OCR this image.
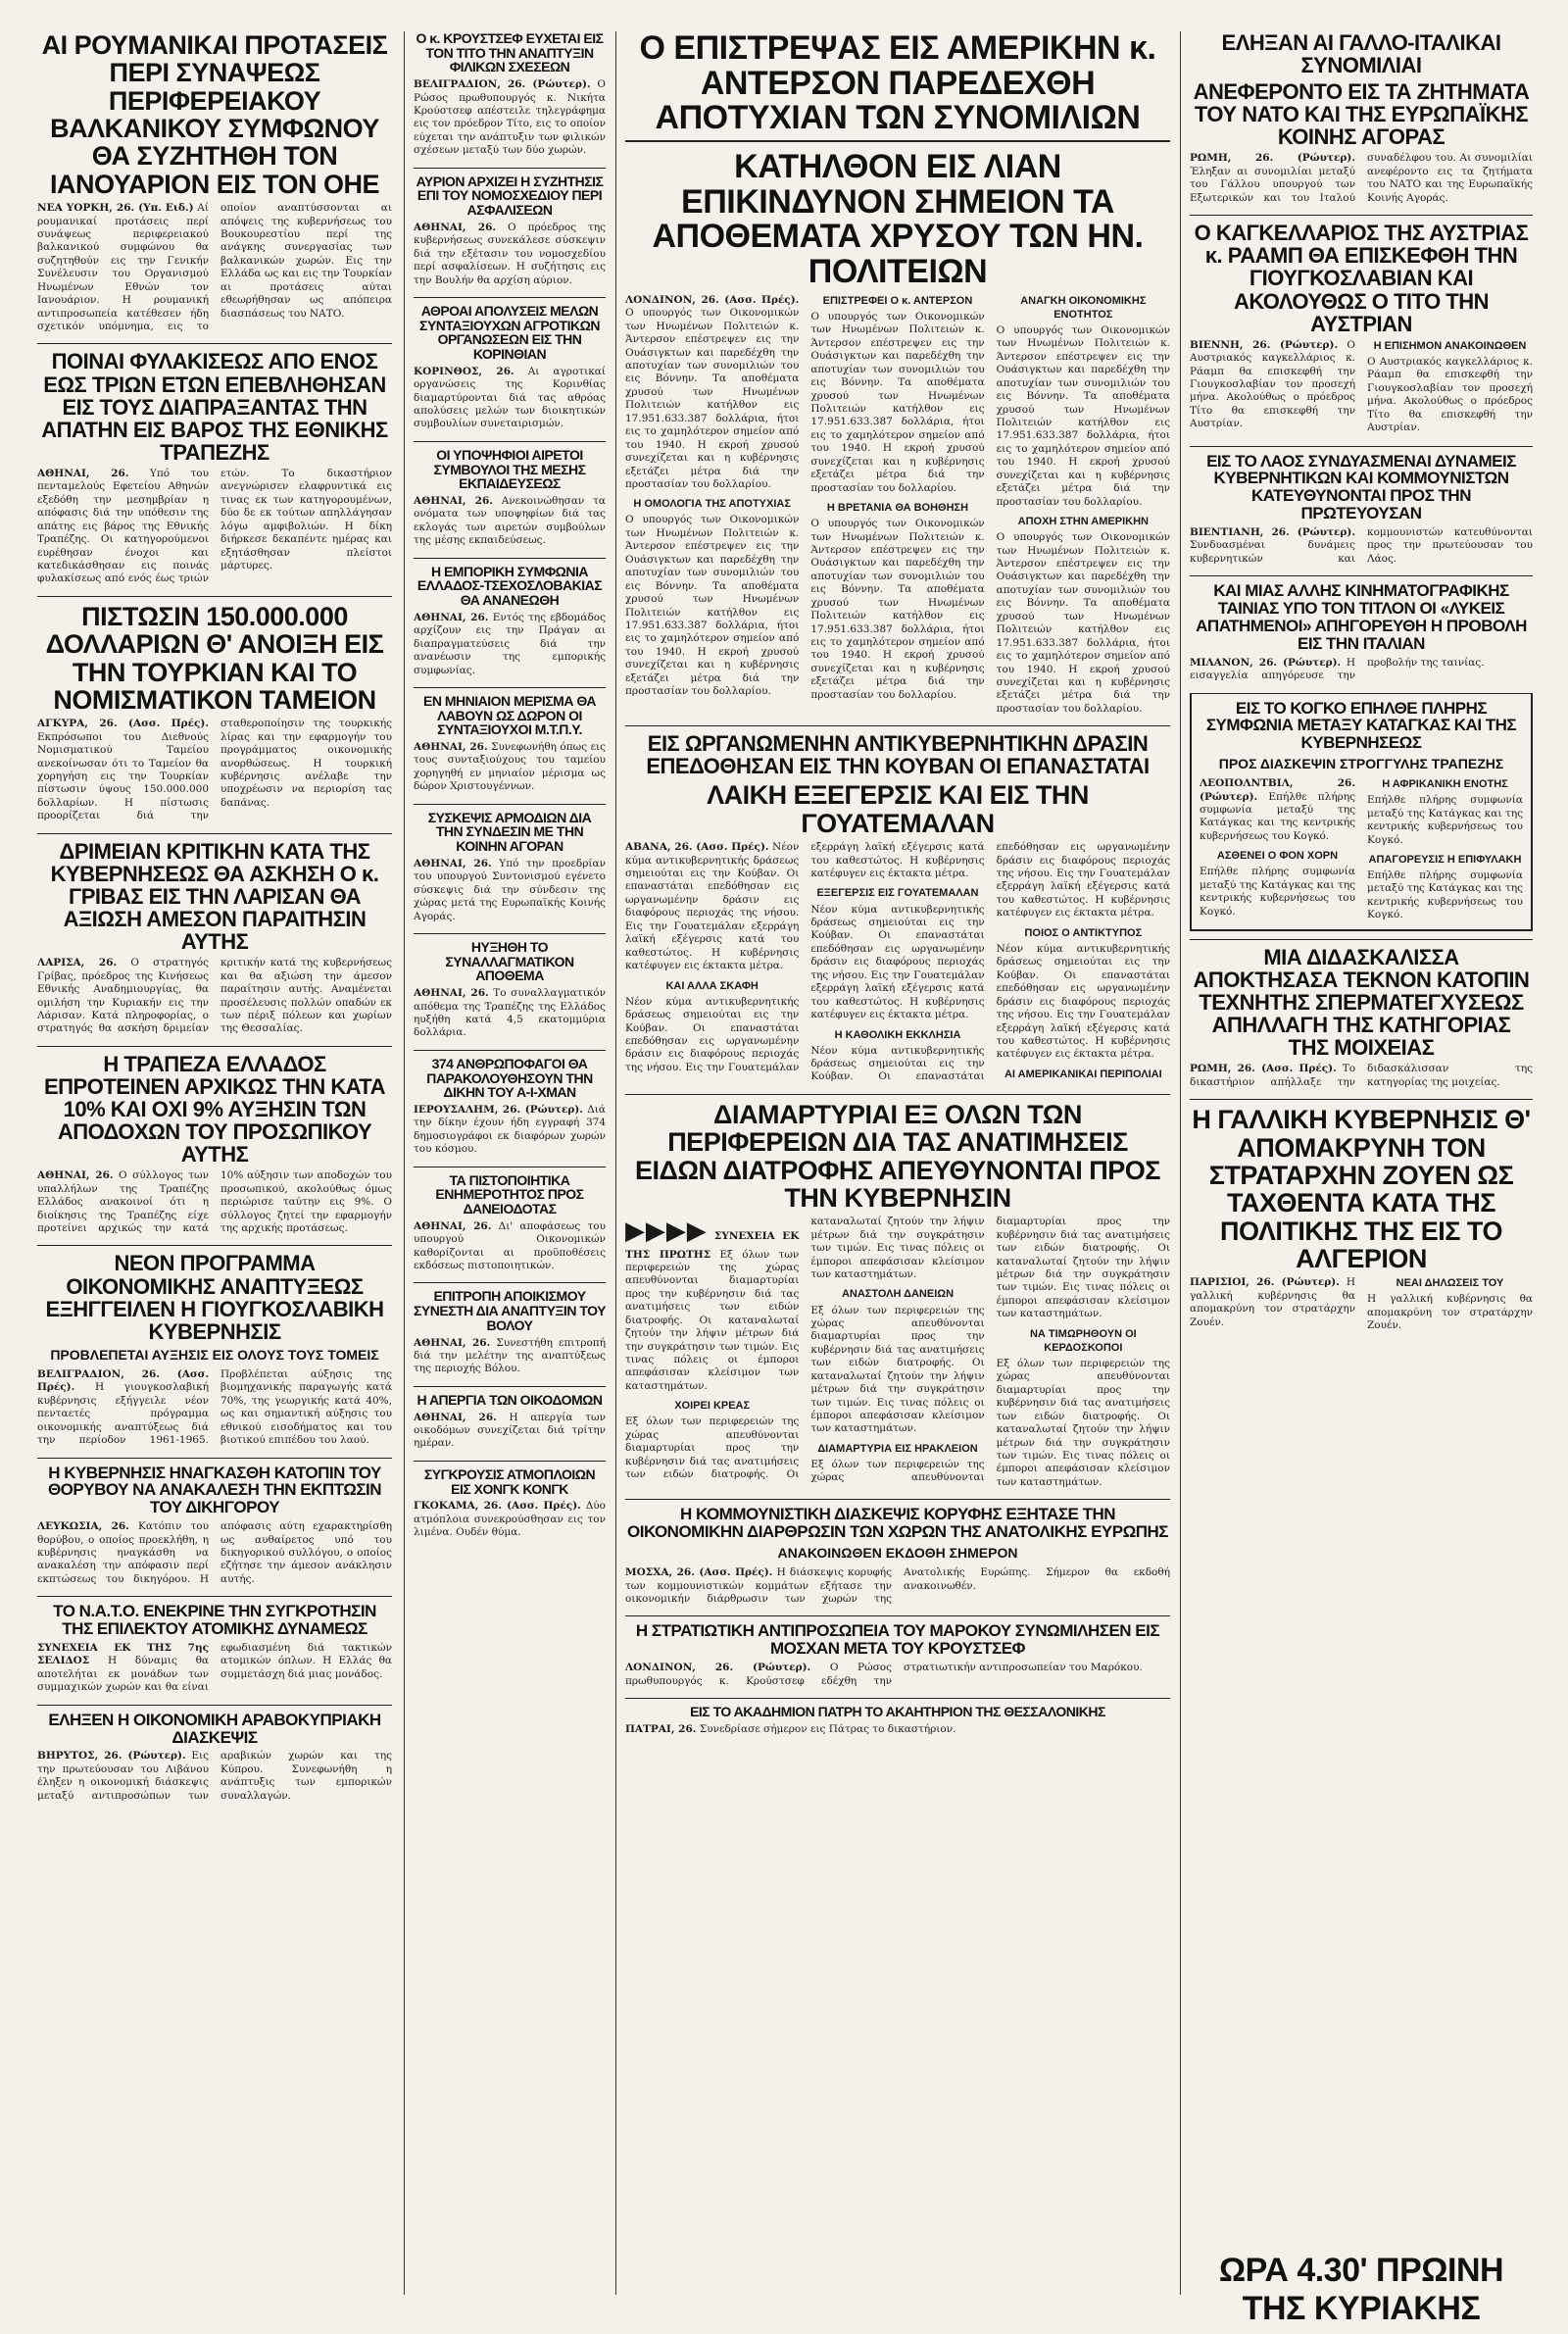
ΑΙ ΡΟΥΜΑΝΙΚΑΙ ΠΡΟΤΑΣΕΙΣ ΠΕΡΙ ΣΥΝΑΨΕΩΣ ΠΕΡΙΦΕΡΕΙΑΚΟΥ ΒΑΛΚΑΝΙΚΟΥ ΣΥΜΦΩΝΟΥ ΘΑ ΣΥΖΗΤΗΘΗ ΤΟΝ ΙΑΝΟΥΑΡΙΟΝ ΕΙΣ ΤΟΝ ΟΗΕ
ΝΕΑ ΥΟΡΚΗ, 26. (Υπ. Ειδ.) Αί ρουμανικαί προτάσεις περί συνάψεως περιφερειακού βαλκανικού συμφώνου θα συζητηθούν εις την Γενικήν Συνέλευσιν του Οργανισμού Ηνωμένων Εθνών τον Ιανουάριον. Η ρουμανική αντιπροσωπεία κατέθεσεν ήδη σχετικόν υπόμνημα, εις το οποίον αναπτύσσονται αι απόψεις της κυβερνήσεως του Βουκουρεστίου περί της ανάγκης συνεργασίας των βαλκανικών χωρών. Εις την Ελλάδα ως και εις την Τουρκίαν αι προτάσεις αύται εθεωρήθησαν ως απόπειρα διασπάσεως του ΝΑΤΟ.
ΠΟΙΝΑΙ ΦΥΛΑΚΙΣΕΩΣ ΑΠΟ ΕΝΟΣ ΕΩΣ ΤΡΙΩΝ ΕΤΩΝ ΕΠΕΒΛΗΘΗΣΑΝ ΕΙΣ ΤΟΥΣ ΔΙΑΠΡΑΞΑΝΤΑΣ ΤΗΝ ΑΠΑΤΗΝ ΕΙΣ ΒΑΡΟΣ ΤΗΣ ΕΘΝΙΚΗΣ ΤΡΑΠΕΖΗΣ
ΑΘΗΝΑΙ, 26. Υπό του πενταμελούς Εφετείου Αθηνών εξεδόθη την μεσημβρίαν η απόφασις διά την υπόθεσιν της απάτης εις βάρος της Εθνικής Τραπέζης. Οι κατηγορούμενοι ευρέθησαν ένοχοι και κατεδικάσθησαν εις ποινάς φυλακίσεως από ενός έως τριών ετών. Το δικαστήριον ανεγνώρισεν ελαφρυντικά εις τινας εκ των κατηγορουμένων, δύο δε εκ τούτων απηλλάγησαν λόγω αμφιβολιών. Η δίκη διήρκεσε δεκαπέντε ημέρας και εξητάσθησαν πλείστοι μάρτυρες.
ΠΙΣΤΩΣΙΝ 150.000.000 ΔΟΛΛΑΡΙΩΝ Θ' ΑΝΟΙΞΗ ΕΙΣ ΤΗΝ ΤΟΥΡΚΙΑΝ ΚΑΙ ΤΟ ΝΟΜΙΣΜΑΤΙΚΟΝ ΤΑΜΕΙΟΝ
ΑΓΚΥΡΑ, 26. (Ασσ. Πρές). Εκπρόσωποι του Διεθνούς Νομισματικού Ταμείου ανεκοίνωσαν ότι το Ταμείον θα χορηγήση εις την Τουρκίαν πίστωσιν ύψους 150.000.000 δολλαρίων. Η πίστωσις προορίζεται διά την σταθεροποίησιν της τουρκικής λίρας και την εφαρμογήν του προγράμματος οικονομικής ανορθώσεως. Η τουρκική κυβέρνησις ανέλαβε την υποχρέωσιν να περιορίση τας δαπάνας.
ΔΡΙΜΕΙΑΝ ΚΡΙΤΙΚΗΝ ΚΑΤΑ ΤΗΣ ΚΥΒΕΡΝΗΣΕΩΣ ΘΑ ΑΣΚΗΣΗ Ο κ. ΓΡΙΒΑΣ ΕΙΣ ΤΗΝ ΛΑΡΙΣΑΝ ΘΑ ΑΞΙΩΣΗ ΑΜΕΣΟΝ ΠΑΡΑΙΤΗΣΙΝ ΑΥΤΗΣ
ΛΑΡΙΣΑ, 26. Ο στρατηγός Γρίβας, πρόεδρος της Κινήσεως Εθνικής Αναδημιουργίας, θα ομιλήση την Κυριακήν εις την Λάρισαν. Κατά πληροφορίας, ο στρατηγός θα ασκήση δριμείαν κριτικήν κατά της κυβερνήσεως και θα αξιώση την άμεσον παραίτησιν αυτής. Αναμένεται προσέλευσις πολλών οπαδών εκ των πέριξ πόλεων και χωρίων της Θεσσαλίας.
Η ΤΡΑΠΕΖΑ ΕΛΛΑΔΟΣ ΕΠΡΟΤΕΙΝΕΝ ΑΡΧΙΚΩΣ ΤΗΝ ΚΑΤΑ 10% ΚΑΙ ΟΧΙ 9% ΑΥΞΗΣΙΝ ΤΩΝ ΑΠΟΔΟΧΩΝ ΤΟΥ ΠΡΟΣΩΠΙΚΟΥ ΑΥΤΗΣ
ΑΘΗΝΑΙ, 26. Ο σύλλογος των υπαλλήλων της Τραπέζης Ελλάδος ανακοινοί ότι η διοίκησις της Τραπέζης είχε προτείνει αρχικώς την κατά 10% αύξησιν των αποδοχών του προσωπικού, ακολούθως όμως περιώρισε ταύτην εις 9%. Ο σύλλογος ζητεί την εφαρμογήν της αρχικής προτάσεως.
ΝΕΟΝ ΠΡΟΓΡΑΜΜΑ ΟΙΚΟΝΟΜΙΚΗΣ ΑΝΑΠΤΥΞΕΩΣ ΕΞΗΓΓΕΙΛΕΝ Η ΓΙΟΥΓΚΟΣΛΑΒΙΚΗ ΚΥΒΕΡΝΗΣΙΣ
ΠΡΟΒΛΕΠΕΤΑΙ ΑΥΞΗΣΙΣ ΕΙΣ ΟΛΟΥΣ ΤΟΥΣ ΤΟΜΕΙΣ
ΒΕΛΙΓΡΑΔΙΟΝ, 26. (Ασσ. Πρές). Η γιουγκοσλαβική κυβέρνησις εξήγγειλε νέον πενταετές πρόγραμμα οικονομικής αναπτύξεως διά την περίοδον 1961-1965. Προβλέπεται αύξησις της βιομηχανικής παραγωγής κατά 70%, της γεωργικής κατά 40%, ως και σημαντική αύξησις του εθνικού εισοδήματος και του βιοτικού επιπέδου του λαού.
Η ΚΥΒΕΡΝΗΣΙΣ ΗΝΑΓΚΑΣΘΗ ΚΑΤΟΠΙΝ ΤΟΥ ΘΟΡΥΒΟΥ ΝΑ ΑΝΑΚΑΛΕΣΗ ΤΗΝ ΕΚΠΤΩΣΙΝ ΤΟΥ ΔΙΚΗΓΟΡΟΥ
ΛΕΥΚΩΣΙΑ, 26. Κατόπιν του θορύβου, ο οποίος προεκλήθη, η κυβέρνησις ηναγκάσθη να ανακαλέση την απόφασιν περί εκπτώσεως του δικηγόρου. Η απόφασις αύτη εχαρακτηρίσθη ως αυθαίρετος υπό του δικηγορικού συλλόγου, ο οποίος εζήτησε την άμεσον ανάκλησιν αυτής.
ΤΟ Ν.Α.Τ.Ο. ΕΝΕΚΡΙΝΕ ΤΗΝ ΣΥΓΚΡΟΤΗΣΙΝ ΤΗΣ ΕΠΙΛΕΚΤΟΥ ΑΤΟΜΙΚΗΣ ΔΥΝΑΜΕΩΣ
ΣΥΝΕΧΕΙΑ ΕΚ ΤΗΣ 7ης ΣΕΛΙΔΟΣ Η δύναμις θα αποτελήται εκ μονάδων των συμμαχικών χωρών και θα είναι εφωδιασμένη διά τακτικών ατομικών όπλων. Η Ελλάς θα συμμετάσχη διά μιας μονάδος.
ΕΛΗΞΕΝ Η ΟΙΚΟΝΟΜΙΚΗ ΑΡΑΒΟΚΥΠΡΙΑΚΗ ΔΙΑΣΚΕΨΙΣ
ΒΗΡΥΤΟΣ, 26. (Ρώυτερ). Εις την πρωτεύουσαν του Λιβάνου έληξεν η οικονομική διάσκεψις μεταξύ αντιπροσώπων των αραβικών χωρών και της Κύπρου. Συνεφωνήθη η ανάπτυξις των εμπορικών συναλλαγών.
Ο κ. ΚΡΟΥΣΤΣΕΦ ΕΥΧΕΤΑΙ ΕΙΣ ΤΟΝ ΤΙΤΟ ΤΗΝ ΑΝΑΠΤΥΞΙΝ ΦΙΛΙΚΩΝ ΣΧΕΣΕΩΝ
ΒΕΛΙΓΡΑΔΙΟΝ, 26. (Ρώυτερ). Ο Ρώσος πρωθυπουργός κ. Νικήτα Κρούστσεφ απέστειλε τηλεγράφημα εις τον πρόεδρον Τίτο, εις το οποίον εύχεται την ανάπτυξιν των φιλικών σχέσεων μεταξύ των δύο χωρών.
ΑΥΡΙΟΝ ΑΡΧΙΖΕΙ Η ΣΥΖΗΤΗΣΙΣ ΕΠΙ ΤΟΥ ΝΟΜΟΣΧΕΔΙΟΥ ΠΕΡΙ ΑΣΦΑΛΙΣΕΩΝ
ΑΘΗΝΑΙ, 26. Ο πρόεδρος της κυβερνήσεως συνεκάλεσε σύσκεψιν διά την εξέτασιν του νομοσχεδίου περί ασφαλίσεων. Η συζήτησις εις την Βουλήν θα αρχίση αύριον.
ΑΘΡΟΑΙ ΑΠΟΛΥΣΕΙΣ ΜΕΛΩΝ ΣΥΝΤΑΞΙΟΥΧΩΝ ΑΓΡΟΤΙΚΩΝ ΟΡΓΑΝΩΣΕΩΝ ΕΙΣ ΤΗΝ ΚΟΡΙΝΘΙΑΝ
ΚΟΡΙΝΘΟΣ, 26. Αι αγροτικαί οργανώσεις της Κορινθίας διαμαρτύρονται διά τας αθρόας απολύσεις μελών των διοικητικών συμβουλίων συνεταιρισμών.
ΟΙ ΥΠΟΨΗΦΙΟΙ ΑΙΡΕΤΟΙ ΣΥΜΒΟΥΛΟΙ ΤΗΣ ΜΕΣΗΣ ΕΚΠΑΙΔΕΥΣΕΩΣ
ΑΘΗΝΑΙ, 26. Ανεκοινώθησαν τα ονόματα των υποψηφίων διά τας εκλογάς των αιρετών συμβούλων της μέσης εκπαιδεύσεως.
Η ΕΜΠΟΡΙΚΗ ΣΥΜΦΩΝΙΑ ΕΛΛΑΔΟΣ-ΤΣΕΧΟΣΛΟΒΑΚΙΑΣ ΘΑ ΑΝΑΝΕΩΘΗ
ΑΘΗΝΑΙ, 26. Εντός της εβδομάδος αρχίζουν εις την Πράγαν αι διαπραγματεύσεις διά την ανανέωσιν της εμπορικής συμφωνίας.
ΕΝ ΜΗΝΙΑΙΟΝ ΜΕΡΙΣΜΑ ΘΑ ΛΑΒΟΥΝ ΩΣ ΔΩΡΟΝ ΟΙ ΣΥΝΤΑΞΙΟΥΧΟΙ Μ.Τ.Π.Υ.
ΑΘΗΝΑΙ, 26. Συνεφωνήθη όπως εις τους συνταξιούχους του ταμείου χορηγηθή εν μηνιαίον μέρισμα ως δώρον Χριστουγέννων.
ΣΥΣΚΕΨΙΣ ΑΡΜΟΔΙΩΝ ΔΙΑ ΤΗΝ ΣΥΝΔΕΣΙΝ ΜΕ ΤΗΝ ΚΟΙΝΗΝ ΑΓΟΡΑΝ
ΑΘΗΝΑΙ, 26. Υπό την προεδρίαν του υπουργού Συντονισμού εγένετο σύσκεψις διά την σύνδεσιν της χώρας μετά της Ευρωπαϊκής Κοινής Αγοράς.
ΗΥΞΗΘΗ ΤΟ ΣΥΝΑΛΛΑΓΜΑΤΙΚΟΝ ΑΠΟΘΕΜΑ
ΑΘΗΝΑΙ, 26. Το συναλλαγματικόν απόθεμα της Τραπέζης της Ελλάδος ηυξήθη κατά 4,5 εκατομμύρια δολλάρια.
374 ΑΝΘΡΩΠΟΦΑΓΟΙ ΘΑ ΠΑΡΑΚΟΛΟΥΘΗΣΟΥΝ ΤΗΝ ΔΙΚΗΝ ΤΟΥ Α-Ι-ΧΜΑΝ
ΙΕΡΟΥΣΑΛΗΜ, 26. (Ρώυτερ). Διά την δίκην έχουν ήδη εγγραφή 374 δημοσιογράφοι εκ διαφόρων χωρών του κόσμου.
ΤΑ ΠΙΣΤΟΠΟΙΗΤΙΚΑ ΕΝΗΜΕΡΟΤΗΤΟΣ ΠΡΟΣ ΔΑΝΕΙΟΔΟΤΑΣ
ΑΘΗΝΑΙ, 26. Δι' αποφάσεως του υπουργού Οικονομικών καθορίζονται αι προϋποθέσεις εκδόσεως πιστοποιητικών.
ΕΠΙΤΡΟΠΗ ΑΠΟΙΚΙΣΜΟΥ ΣΥΝΕΣΤΗ ΔΙΑ ΑΝΑΠΤΥΞΙΝ ΤΟΥ ΒΟΛΟΥ
ΑΘΗΝΑΙ, 26. Συνεστήθη επιτροπή διά την μελέτην της αναπτύξεως της περιοχής Βόλου.
Η ΑΠΕΡΓΙΑ ΤΩΝ ΟΙΚΟΔΟΜΩΝ
ΑΘΗΝΑΙ, 26. Η απεργία των οικοδόμων συνεχίζεται διά τρίτην ημέραν.
ΣΥΓΚΡΟΥΣΙΣ ΑΤΜΟΠΛΟΙΩΝ ΕΙΣ ΧΟΝΓΚ ΚΟΝΓΚ
ΓΚΟΚΑΜΑ, 26. (Ασσ. Πρές). Δύο ατμόπλοια συνεκρούσθησαν εις τον λιμένα. Ουδέν θύμα.
Ο ΕΠΙΣΤΡΕΨΑΣ ΕΙΣ ΑΜΕΡΙΚΗΝ κ. ΑΝΤΕΡΣΟΝ ΠΑΡΕΔΕΧΘΗ ΑΠΟΤΥΧΙΑΝ ΤΩΝ ΣΥΝΟΜΙΛΙΩΝ
ΚΑΤΗΛΘΟΝ ΕΙΣ ΛΙΑΝ ΕΠΙΚΙΝΔΥΝΟΝ ΣΗΜΕΙΟΝ ΤΑ ΑΠΟΘΕΜΑΤΑ ΧΡΥΣΟΥ ΤΩΝ ΗΝ. ΠΟΛΙΤΕΙΩΝ
ΛΟΝΔΙΝΟΝ, 26. (Ασσ. Πρές). Ο υπουργός των Οικονομικών των Ηνωμένων Πολιτειών κ. Άντερσον επέστρεψεν εις την Ουάσιγκτων και παρεδέχθη την αποτυχίαν των συνομιλιών του εις Βόννην. Τα αποθέματα χρυσού των Ηνωμένων Πολιτειών κατήλθον εις 17.951.633.387 δολλάρια, ήτοι εις το χαμηλότερον σημείον από του 1940. Η εκροή χρυσού συνεχίζεται και η κυβέρνησις εξετάζει μέτρα διά την προστασίαν του δολλαρίου.
Η ΟΜΟΛΟΓΙΑ ΤΗΣ ΑΠΟΤΥΧΙΑΣ
Ο υπουργός των Οικονομικών των Ηνωμένων Πολιτειών κ. Άντερσον επέστρεψεν εις την Ουάσιγκτων και παρεδέχθη την αποτυχίαν των συνομιλιών του εις Βόννην. Τα αποθέματα χρυσού των Ηνωμένων Πολιτειών κατήλθον εις 17.951.633.387 δολλάρια, ήτοι εις το χαμηλότερον σημείον από του 1940. Η εκροή χρυσού συνεχίζεται και η κυβέρνησις εξετάζει μέτρα διά την προστασίαν του δολλαρίου.
ΕΠΙΣΤΡΕΦΕΙ Ο κ. ΑΝΤΕΡΣΟΝ
Ο υπουργός των Οικονομικών των Ηνωμένων Πολιτειών κ. Άντερσον επέστρεψεν εις την Ουάσιγκτων και παρεδέχθη την αποτυχίαν των συνομιλιών του εις Βόννην. Τα αποθέματα χρυσού των Ηνωμένων Πολιτειών κατήλθον εις 17.951.633.387 δολλάρια, ήτοι εις το χαμηλότερον σημείον από του 1940. Η εκροή χρυσού συνεχίζεται και η κυβέρνησις εξετάζει μέτρα διά την προστασίαν του δολλαρίου.
Η ΒΡΕΤΑΝΙΑ ΘΑ ΒΟΗΘΗΣΗ
Ο υπουργός των Οικονομικών των Ηνωμένων Πολιτειών κ. Άντερσον επέστρεψεν εις την Ουάσιγκτων και παρεδέχθη την αποτυχίαν των συνομιλιών του εις Βόννην. Τα αποθέματα χρυσού των Ηνωμένων Πολιτειών κατήλθον εις 17.951.633.387 δολλάρια, ήτοι εις το χαμηλότερον σημείον από του 1940. Η εκροή χρυσού συνεχίζεται και η κυβέρνησις εξετάζει μέτρα διά την προστασίαν του δολλαρίου.
ΑΝΑΓΚΗ ΟΙΚΟΝΟΜΙΚΗΣ ΕΝΟΤΗΤΟΣ
Ο υπουργός των Οικονομικών των Ηνωμένων Πολιτειών κ. Άντερσον επέστρεψεν εις την Ουάσιγκτων και παρεδέχθη την αποτυχίαν των συνομιλιών του εις Βόννην. Τα αποθέματα χρυσού των Ηνωμένων Πολιτειών κατήλθον εις 17.951.633.387 δολλάρια, ήτοι εις το χαμηλότερον σημείον από του 1940. Η εκροή χρυσού συνεχίζεται και η κυβέρνησις εξετάζει μέτρα διά την προστασίαν του δολλαρίου.
ΑΠΟΧΗ ΣΤΗΝ ΑΜΕΡΙΚΗΝ
Ο υπουργός των Οικονομικών των Ηνωμένων Πολιτειών κ. Άντερσον επέστρεψεν εις την Ουάσιγκτων και παρεδέχθη την αποτυχίαν των συνομιλιών του εις Βόννην. Τα αποθέματα χρυσού των Ηνωμένων Πολιτειών κατήλθον εις 17.951.633.387 δολλάρια, ήτοι εις το χαμηλότερον σημείον από του 1940. Η εκροή χρυσού συνεχίζεται και η κυβέρνησις εξετάζει μέτρα διά την προστασίαν του δολλαρίου.
ΕΙΣ ΩΡΓΑΝΩΜΕΝΗΝ ΑΝΤΙΚΥΒΕΡΝΗΤΙΚΗΝ ΔΡΑΣΙΝ ΕΠΕΔΟΘΗΣΑΝ ΕΙΣ ΤΗΝ ΚΟΥΒΑΝ ΟΙ ΕΠΑΝΑΣΤΑΤΑΙ
ΛΑΙΚΗ ΕΞΕΓΕΡΣΙΣ ΚΑΙ ΕΙΣ ΤΗΝ ΓΟΥΑΤΕΜΑΛΑΝ
ΑΒΑΝΑ, 26. (Ασσ. Πρές). Νέον κύμα αντικυβερνητικής δράσεως σημειούται εις την Κούβαν. Οι επαναστάται επεδόθησαν εις ωργανωμένην δράσιν εις διαφόρους περιοχάς της νήσου. Εις την Γουατεμάλαν εξερράγη λαϊκή εξέγερσις κατά του καθεστώτος. Η κυβέρνησις κατέφυγεν εις έκτακτα μέτρα.
ΚΑΙ ΑΛΛΑ ΣΚΑΦΗ
Νέον κύμα αντικυβερνητικής δράσεως σημειούται εις την Κούβαν. Οι επαναστάται επεδόθησαν εις ωργανωμένην δράσιν εις διαφόρους περιοχάς της νήσου. Εις την Γουατεμάλαν εξερράγη λαϊκή εξέγερσις κατά του καθεστώτος. Η κυβέρνησις κατέφυγεν εις έκτακτα μέτρα.
ΕΞΕΓΕΡΣΙΣ ΕΙΣ ΓΟΥΑΤΕΜΑΛΑΝ
Νέον κύμα αντικυβερνητικής δράσεως σημειούται εις την Κούβαν. Οι επαναστάται επεδόθησαν εις ωργανωμένην δράσιν εις διαφόρους περιοχάς της νήσου. Εις την Γουατεμάλαν εξερράγη λαϊκή εξέγερσις κατά του καθεστώτος. Η κυβέρνησις κατέφυγεν εις έκτακτα μέτρα.
Η ΚΑΘΟΛΙΚΗ ΕΚΚΛΗΣΙΑ
Νέον κύμα αντικυβερνητικής δράσεως σημειούται εις την Κούβαν. Οι επαναστάται επεδόθησαν εις ωργανωμένην δράσιν εις διαφόρους περιοχάς της νήσου. Εις την Γουατεμάλαν εξερράγη λαϊκή εξέγερσις κατά του καθεστώτος. Η κυβέρνησις κατέφυγεν εις έκτακτα μέτρα.
ΠΟΙΟΣ Ο ΑΝΤΙΚΤΥΠΟΣ
Νέον κύμα αντικυβερνητικής δράσεως σημειούται εις την Κούβαν. Οι επαναστάται επεδόθησαν εις ωργανωμένην δράσιν εις διαφόρους περιοχάς της νήσου. Εις την Γουατεμάλαν εξερράγη λαϊκή εξέγερσις κατά του καθεστώτος. Η κυβέρνησις κατέφυγεν εις έκτακτα μέτρα.
ΑΙ ΑΜΕΡΙΚΑΝΙΚΑΙ ΠΕΡΙΠΟΛΙΑΙ
ΔΙΑΜΑΡΤΥΡΙΑΙ ΕΞ ΟΛΩΝ ΤΩΝ ΠΕΡΙΦΕΡΕΙΩΝ ΔΙΑ ΤΑΣ ΑΝΑΤΙΜΗΣΕΙΣ ΕΙΔΩΝ ΔΙΑΤΡΟΦΗΣ ΑΠΕΥΘΥΝΟΝΤΑΙ ΠΡΟΣ ΤΗΝ ΚΥΒΕΡΝΗΣΙΝ
▶▶▶▶ ΣΥΝΕΧΕΙΑ ΕΚ ΤΗΣ ΠΡΩΤΗΣ Εξ όλων των περιφερειών της χώρας απευθύνονται διαμαρτυρίαι προς την κυβέρνησιν διά τας ανατιμήσεις των ειδών διατροφής. Οι καταναλωταί ζητούν την λήψιν μέτρων διά την συγκράτησιν των τιμών. Εις τινας πόλεις οι έμποροι απεφάσισαν κλείσιμον των καταστημάτων.
ΧΟΙΡΕΙ ΚΡΕΑΣ
Εξ όλων των περιφερειών της χώρας απευθύνονται διαμαρτυρίαι προς την κυβέρνησιν διά τας ανατιμήσεις των ειδών διατροφής. Οι καταναλωταί ζητούν την λήψιν μέτρων διά την συγκράτησιν των τιμών. Εις τινας πόλεις οι έμποροι απεφάσισαν κλείσιμον των καταστημάτων.
ΑΝΑΣΤΟΛΗ ΔΑΝΕΙΩΝ
Εξ όλων των περιφερειών της χώρας απευθύνονται διαμαρτυρίαι προς την κυβέρνησιν διά τας ανατιμήσεις των ειδών διατροφής. Οι καταναλωταί ζητούν την λήψιν μέτρων διά την συγκράτησιν των τιμών. Εις τινας πόλεις οι έμποροι απεφάσισαν κλείσιμον των καταστημάτων.
ΔΙΑΜΑΡΤΥΡΙΑ ΕΙΣ ΗΡΑΚΛΕΙΟΝ
Εξ όλων των περιφερειών της χώρας απευθύνονται διαμαρτυρίαι προς την κυβέρνησιν διά τας ανατιμήσεις των ειδών διατροφής. Οι καταναλωταί ζητούν την λήψιν μέτρων διά την συγκράτησιν των τιμών. Εις τινας πόλεις οι έμποροι απεφάσισαν κλείσιμον των καταστημάτων.
ΝΑ ΤΙΜΩΡΗΘΟΥΝ ΟΙ ΚΕΡΔΟΣΚΟΠΟΙ
Εξ όλων των περιφερειών της χώρας απευθύνονται διαμαρτυρίαι προς την κυβέρνησιν διά τας ανατιμήσεις των ειδών διατροφής. Οι καταναλωταί ζητούν την λήψιν μέτρων διά την συγκράτησιν των τιμών. Εις τινας πόλεις οι έμποροι απεφάσισαν κλείσιμον των καταστημάτων.
Η ΚΟΜΜΟΥΝΙΣΤΙΚΗ ΔΙΑΣΚΕΨΙΣ ΚΟΡΥΦΗΣ ΕΞΗΤΑΣΕ ΤΗΝ ΟΙΚΟΝΟΜΙΚΗΝ ΔΙΑΡΘΡΩΣΙΝ ΤΩΝ ΧΩΡΩΝ ΤΗΣ ΑΝΑΤΟΛΙΚΗΣ ΕΥΡΩΠΗΣ
ΑΝΑΚΟΙΝΩΘΕΝ ΕΚΔΟΘΗ ΣΗΜΕΡΟΝ
ΜΟΣΧΑ, 26. (Ασσ. Πρές). Η διάσκεψις κορυφής των κομμουνιστικών κομμάτων εξήτασε την οικονομικήν διάρθρωσιν των χωρών της Ανατολικής Ευρώπης. Σήμερον θα εκδοθή ανακοινωθέν.
Η ΣΤΡΑΤΙΩΤΙΚΗ ΑΝΤΙΠΡΟΣΩΠΕΙΑ ΤΟΥ ΜΑΡΟΚΟΥ ΣΥΝΩΜΙΛΗΣΕΝ ΕΙΣ ΜΟΣΧΑΝ ΜΕΤΑ ΤΟΥ ΚΡΟΥΣΤΣΕΦ
ΛΟΝΔΙΝΟΝ, 26. (Ρώυτερ). Ο Ρώσος πρωθυπουργός κ. Κρούστσεφ εδέχθη την στρατιωτικήν αντιπροσωπείαν του Μαρόκου.
ΕΙΣ ΤΟ ΑΚΑΔΗΜΙΟΝ ΠΑΤΡΗ ΤΟ ΑΚΑΗΤΗΡΙΟΝ ΤΗΣ ΘΕΣΣΑΛΟΝΙΚΗΣ
ΠΑΤΡΑΙ, 26. Συνεδρίασε σήμερον εις Πάτρας το δικαστήριον.
ΕΛΗΞΑΝ ΑΙ ΓΑΛΛΟ-ΙΤΑΛΙΚΑΙ ΣΥΝΟΜΙΛΙΑΙ
ΑΝΕΦΕΡΟΝΤΟ ΕΙΣ ΤΑ ΖΗΤΗΜΑΤΑ ΤΟΥ ΝΑΤΟ ΚΑΙ ΤΗΣ ΕΥΡΩΠΑΪΚΗΣ ΚΟΙΝΗΣ ΑΓΟΡΑΣ
ΡΩΜΗ, 26. (Ρώυτερ). Έληξαν αι συνομιλίαι μεταξύ του Γάλλου υπουργού των Εξωτερικών και του Ιταλού συναδέλφου του. Αι συνομιλίαι ανεφέροντο εις τα ζητήματα του ΝΑΤΟ και της Ευρωπαϊκής Κοινής Αγοράς.
Ο ΚΑΓΚΕΛΛΑΡΙΟΣ ΤΗΣ ΑΥΣΤΡΙΑΣ κ. ΡΑΑΜΠ ΘΑ ΕΠΙΣΚΕΦΘΗ ΤΗΝ ΓΙΟΥΓΚΟΣΛΑΒΙΑΝ ΚΑΙ ΑΚΟΛΟΥΘΩΣ Ο ΤΙΤΟ ΤΗΝ ΑΥΣΤΡΙΑΝ
ΒΙΕΝΝΗ, 26. (Ρώυτερ). Ο Αυστριακός καγκελλάριος κ. Ράαμπ θα επισκεφθή την Γιουγκοσλαβίαν τον προσεχή μήνα. Ακολούθως ο πρόεδρος Τίτο θα επισκεφθή την Αυστρίαν.
Η ΕΠΙΣΗΜΟΝ ΑΝΑΚΟΙΝΩΘΕΝ
Ο Αυστριακός καγκελλάριος κ. Ράαμπ θα επισκεφθή την Γιουγκοσλαβίαν τον προσεχή μήνα. Ακολούθως ο πρόεδρος Τίτο θα επισκεφθή την Αυστρίαν.
ΕΙΣ ΤΟ ΛΑΟΣ ΣΥΝΔΥΑΣΜΕΝΑΙ ΔΥΝΑΜΕΙΣ ΚΥΒΕΡΝΗΤΙΚΩΝ ΚΑΙ ΚΟΜΜΟΥΝΙΣΤΩΝ ΚΑΤΕΥΘΥΝΟΝΤΑΙ ΠΡΟΣ ΤΗΝ ΠΡΩΤΕΥΟΥΣΑΝ
ΒΙΕΝΤΙΑΝΗ, 26. (Ρώυτερ). Συνδυασμέναι δυνάμεις κυβερνητικών και κομμουνιστών κατευθύνονται προς την πρωτεύουσαν του Λάος.
ΚΑΙ ΜΙΑΣ ΑΛΛΗΣ ΚΙΝΗΜΑΤΟΓΡΑΦΙΚΗΣ ΤΑΙΝΙΑΣ ΥΠΟ ΤΟΝ ΤΙΤΛΟΝ ΟΙ «ΛΥΚΕΙΣ ΑΠΑΤΗΜΕΝΟΙ» ΑΠΗΓΟΡΕΥΘΗ Η ΠΡΟΒΟΛΗ ΕΙΣ ΤΗΝ ΙΤΑΛΙΑΝ
ΜΙΛΑΝΟΝ, 26. (Ρώυτερ). Η εισαγγελία απηγόρευσε την προβολήν της ταινίας.
ΕΙΣ ΤΟ ΚΟΓΚΟ ΕΠΗΛΘΕ ΠΛΗΡΗΣ ΣΥΜΦΩΝΙΑ ΜΕΤΑΞΥ ΚΑΤΑΓΚΑΣ ΚΑΙ ΤΗΣ ΚΥΒΕΡΝΗΣΕΩΣ
ΠΡΟΣ ΔΙΑΣΚΕΨΙΝ ΣΤΡΟΓΓΥΛΗΣ ΤΡΑΠΕΖΗΣ
ΛΕΟΠΟΛΝΤΒΙΛ, 26. (Ρώυτερ). Επήλθε πλήρης συμφωνία μεταξύ της Κατάγκας και της κεντρικής κυβερνήσεως του Κογκό.
ΑΣΘΕΝΕΙ Ο ΦΟΝ ΧΟΡΝ
Επήλθε πλήρης συμφωνία μεταξύ της Κατάγκας και της κεντρικής κυβερνήσεως του Κογκό.
Η ΑΦΡΙΚΑΝΙΚΗ ΕΝΟΤΗΣ
Επήλθε πλήρης συμφωνία μεταξύ της Κατάγκας και της κεντρικής κυβερνήσεως του Κογκό.
ΑΠΑΓΟΡΕΥΣΙΣ Η ΕΠΙΦΥΛΑΚΗ
Επήλθε πλήρης συμφωνία μεταξύ της Κατάγκας και της κεντρικής κυβερνήσεως του Κογκό.
ΜΙΑ ΔΙΔΑΣΚΑΛΙΣΣΑ ΑΠΟΚΤΗΣΑΣΑ ΤΕΚΝΟΝ ΚΑΤΟΠΙΝ ΤΕΧΝΗΤΗΣ ΣΠΕΡΜΑΤΕΓΧΥΣΕΩΣ ΑΠΗΛΛΑΓΗ ΤΗΣ ΚΑΤΗΓΟΡΙΑΣ ΤΗΣ ΜΟΙΧΕΙΑΣ
ΡΩΜΗ, 26. (Ασσ. Πρές). Το δικαστήριον απήλλαξε την διδασκάλισσαν της κατηγορίας της μοιχείας.
Η ΓΑΛΛΙΚΗ ΚΥΒΕΡΝΗΣΙΣ Θ' ΑΠΟΜΑΚΡΥΝΗ ΤΟΝ ΣΤΡΑΤΑΡΧΗΝ ΖΟΥΕΝ ΩΣ ΤΑΧΘΕΝΤΑ ΚΑΤΑ ΤΗΣ ΠΟΛΙΤΙΚΗΣ ΤΗΣ ΕΙΣ ΤΟ ΑΛΓΕΡΙΟΝ
ΠΑΡΙΣΙΟΙ, 26. (Ρώυτερ). Η γαλλική κυβέρνησις θα απομακρύνη τον στρατάρχην Ζουέν.
ΝΕΑΙ ΔΗΛΩΣΕΙΣ ΤΟΥ
Η γαλλική κυβέρνησις θα απομακρύνη τον στρατάρχην Ζουέν.
ΩΡΑ 4.30' ΠΡΩΙΝΗ ΤΗΣ ΚΥΡΙΑΚΗΣ
